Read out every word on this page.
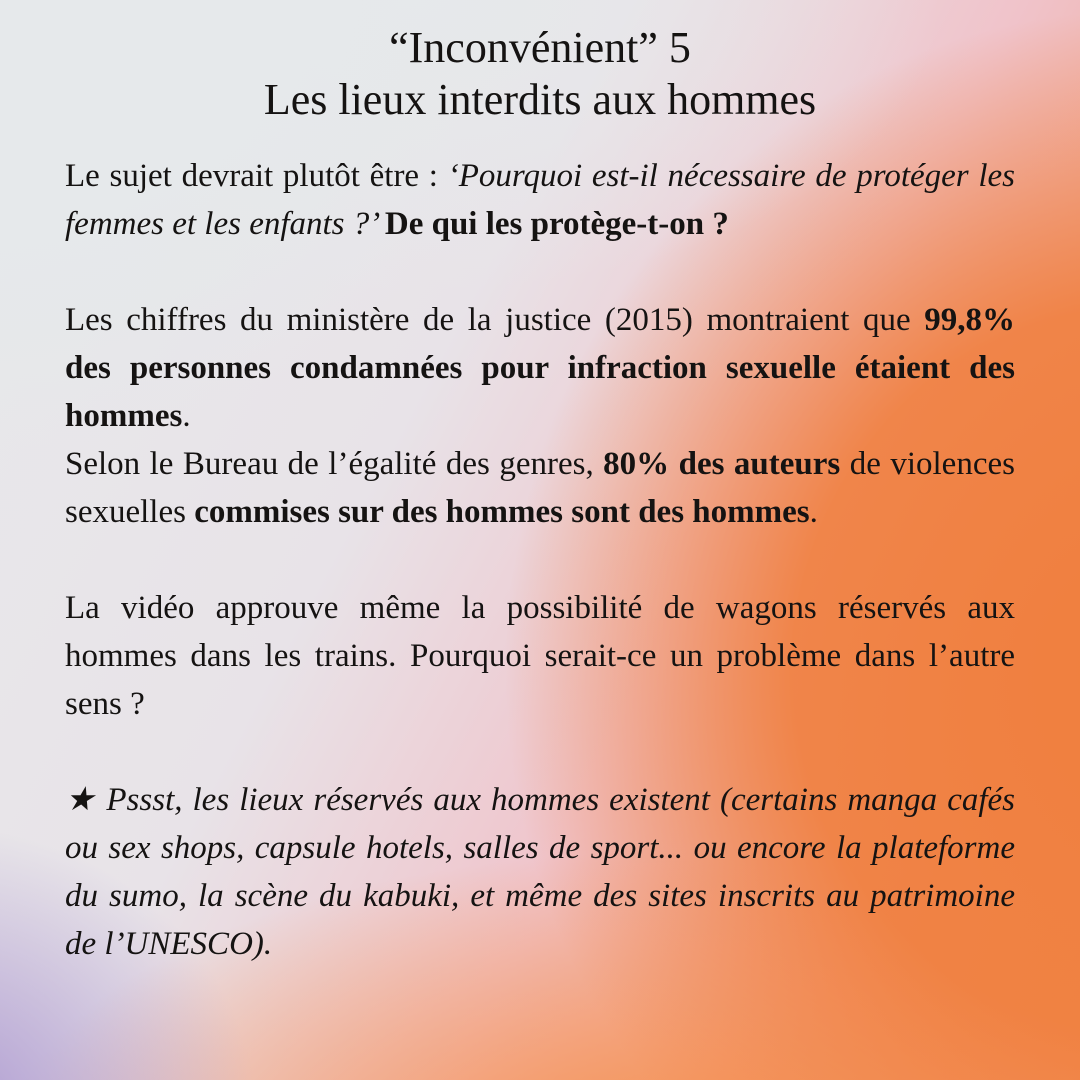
“Inconvénient” 5
Les lieux interdits aux hommes

Le sujet devrait plutôt être : ‘Pourquoi est-il nécessaire de protéger les femmes et les enfants ?’ De qui les protège-t-on ?

Les chiffres du ministère de la justice (2015) montraient que 99,8% des personnes condamnées pour infraction sexuelle étaient des hommes.

Selon le Bureau de l’égalité des genres, 80% des auteurs de violences sexuelles commises sur des hommes sont des hommes.

La vidéo approuve même la possibilité de wagons réservés aux hommes dans les trains. Pourquoi serait-ce un problème dans l’autre sens ?

★ Pssst, les lieux réservés aux hommes existent (certains manga cafés ou sex shops, capsule hotels, salles de sport... ou encore la plateforme du sumo, la scène du kabuki, et même des sites inscrits au patrimoine de l’UNESCO).
